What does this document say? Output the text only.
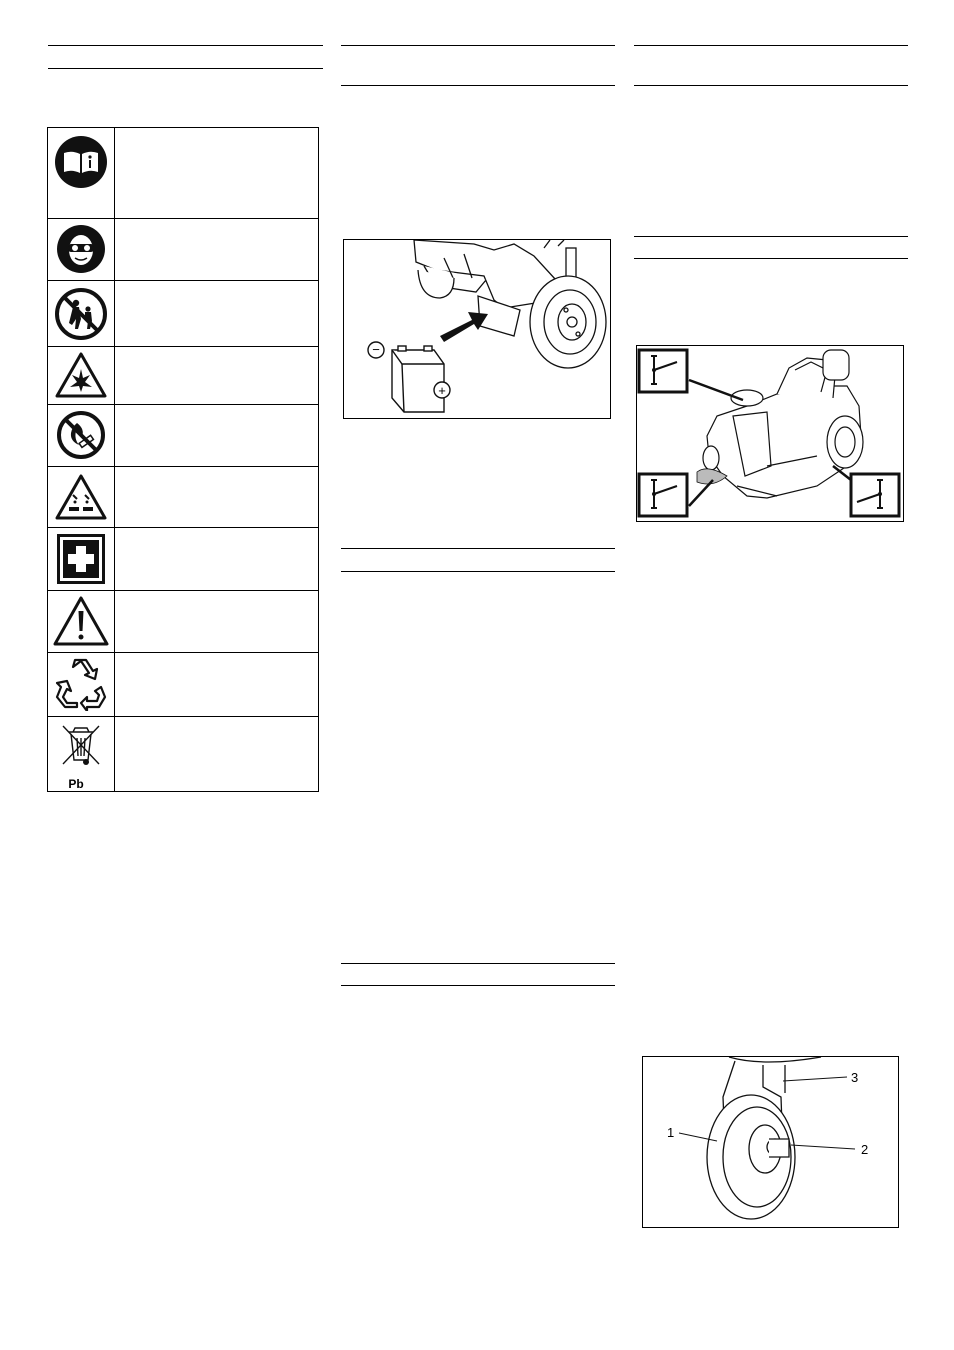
Pb	

−
+
1
2
3
